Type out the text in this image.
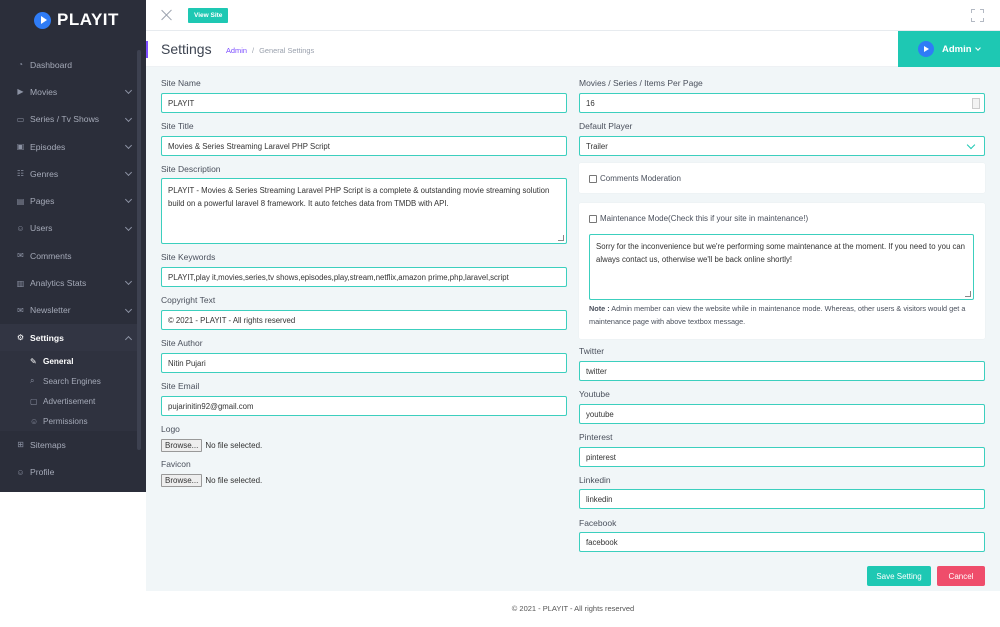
PLAYIT
◔ Dashboard
▶ Movies
▭ Series / Tv Shows
▣ Episodes
☷ Genres
▤ Pages
☺ Users
✉ Comments
▥ Analytics Stats
✉ Newsletter
⚙ Settings
✎ General
⌕	Search Engines
▢ Advertisement
☺ Permissions
⊞ Sitemaps
☺ Profile
View Site
Settings Admin / General Settings	Admin
Site Name
PLAYIT
Site Title
Movies & Series Streaming Laravel PHP Script
Site Description
PLAYIT - Movies & Series Streaming Laravel PHP Script is a complete & outstanding movie streaming solution build on a powerful laravel 8 framework. It auto fetches data from TMDB with API.
Site Keywords
PLAYIT,play it,movies,series,tv shows,episodes,play,stream,netflix,amazon prime,php,laravel,script
Copyright Text
© 2021 - PLAYIT - All rights reserved
Site Author
Nitin Pujari
Site Email
pujarinitin92@gmail.com
Logo
Browse... No file selected.
Favicon
Browse... No file selected.
Movies / Series / Items Per Page
16
Default Player
Trailer
Comments Moderation
Maintenance Mode(Check this if your site in maintenance!)
Sorry for the inconvenience but we're performing some maintenance at the moment. If you need to you can always contact us, otherwise we'll be back online shortly!
Note : Admin member can view the website while in maintenance mode. Whereas, other users & visitors would get a maintenance page with above textbox message.
Twitter
twitter
Youtube
youtube
Pinterest
pinterest
Linkedin
linkedin
Facebook
facebook
Save Setting	Cancel
© 2021 - PLAYIT - All rights reserved
